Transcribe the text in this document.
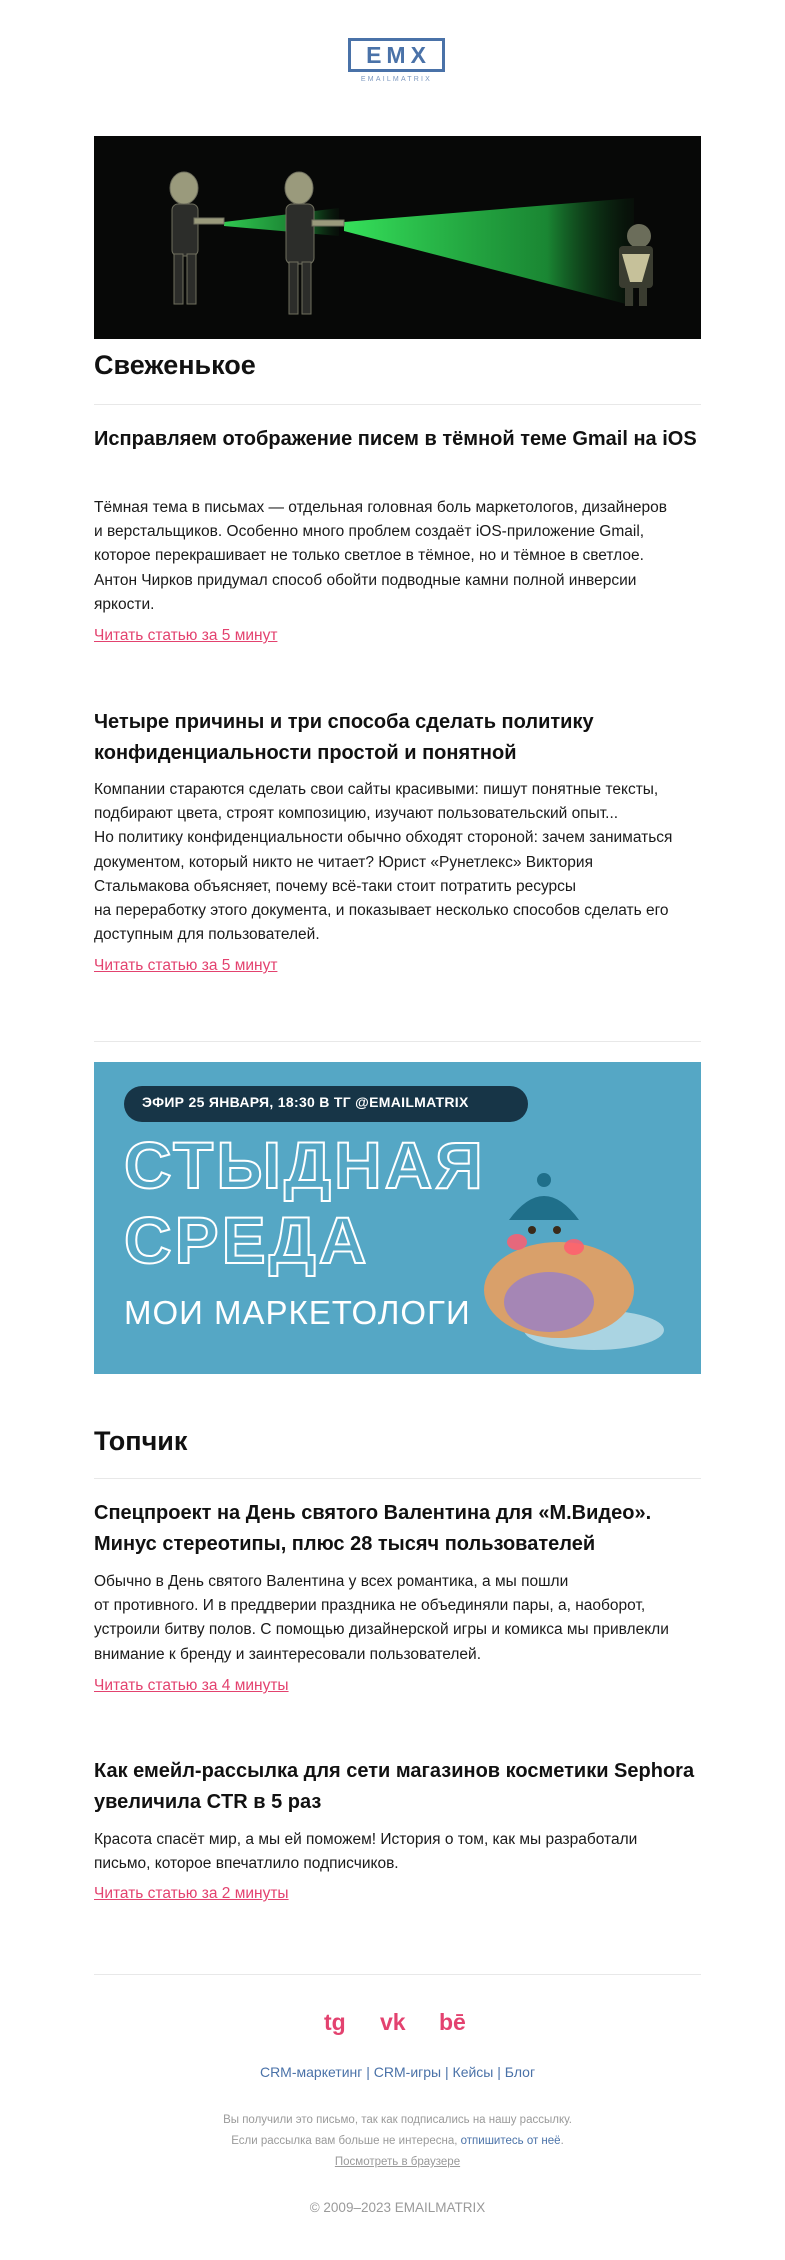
EMX
EMAILMATRIX
Свеженькое
Исправляем отображение писем в тёмной теме Gmail на iOS
Тёмная тема в письмах — отдельная головная боль маркетологов, дизайнеров
и верстальщиков. Особенно много проблем создаёт iOS-приложение Gmail,
которое перекрашивает не только светлое в тёмное, но и тёмное в светлое.
Антон Чирков придумал способ обойти подводные камни полной инверсии
яркости.
Читать статью за 5 минут
Четыре причины и три способа сделать политику конфиденциальности простой и понятной
Компании стараются сделать свои сайты красивыми: пишут понятные тексты,
подбирают цвета, строят композицию, изучают пользовательский опыт...
Но политику конфиденциальности обычно обходят стороной: зачем заниматься
документом, который никто не читает? Юрист «Рунетлекс» Виктория
Стальмакова объясняет, почему всё-таки стоит потратить ресурсы
на переработку этого документа, и показывает несколько способов сделать его
доступным для пользователей.
Читать статью за 5 минут
ЭФИР 25 ЯНВАРЯ, 18:30 В ТГ @EMAILMATRIX
СТЫДНАЯ
СРЕДА
МОИ МАРКЕТОЛОГИ
Топчик
Спецпроект на День святого Валентина для «М.Видео». Минус стереотипы, плюс 28 тысяч пользователей
Обычно в День святого Валентина у всех романтика, а мы пошли
от противного. И в преддверии праздника не объединяли пары, а, наоборот,
устроили битву полов. С помощью дизайнерской игры и комикса мы привлекли
внимание к бренду и заинтересовали пользователей.
Читать статью за 4 минуты
Как емейл-рассылка для сети магазинов косметики Sephora увеличила CTR в 5 раз
Красота спасёт мир, а мы ей поможем! История о том, как мы разработали
письмо, которое впечатлило подписчиков.
Читать статью за 2 минуты
tg vk bē
CRM-маркетинг | CRM-игры | Кейсы | Блог
Вы получили это письмо, так как подписались на нашу рассылку.
Если рассылка вам больше не интересна, отпишитесь от неё.
Посмотреть в браузере
© 2009–2023 EMAILMATRIX
